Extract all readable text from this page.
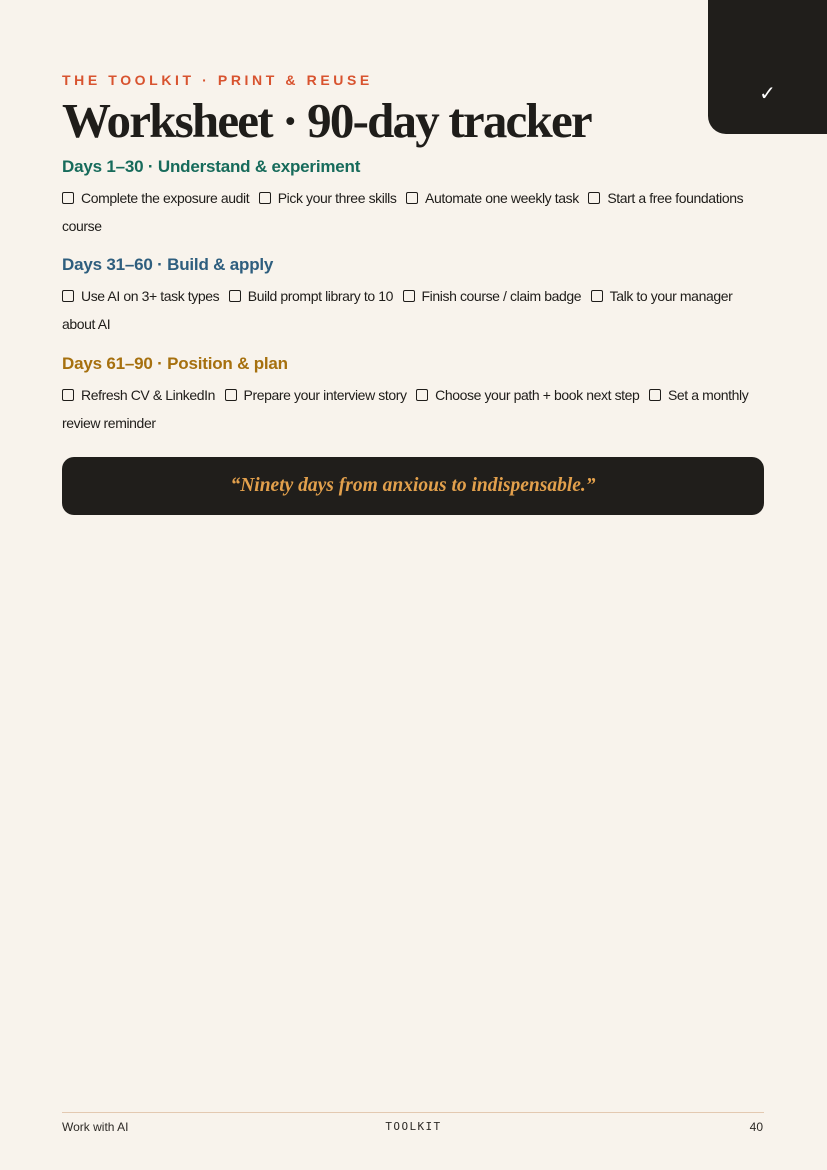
✓
THE TOOLKIT · PRINT & REUSE
Worksheet · 90-day tracker
Days 1–30 · Understand & experiment
Complete the exposure audit Pick your three skills Automate one weekly task Start a free foundations course
Days 31–60 · Build & apply
Use AI on 3+ task types Build prompt library to 10 Finish course / claim badge Talk to your manager about AI
Days 61–90 · Position & plan
Refresh CV & LinkedIn Prepare your interview story Choose your path + book next step Set a monthly review reminder
“Ninety days from anxious to indispensable.”
Work with AI	TOOLKIT	40
